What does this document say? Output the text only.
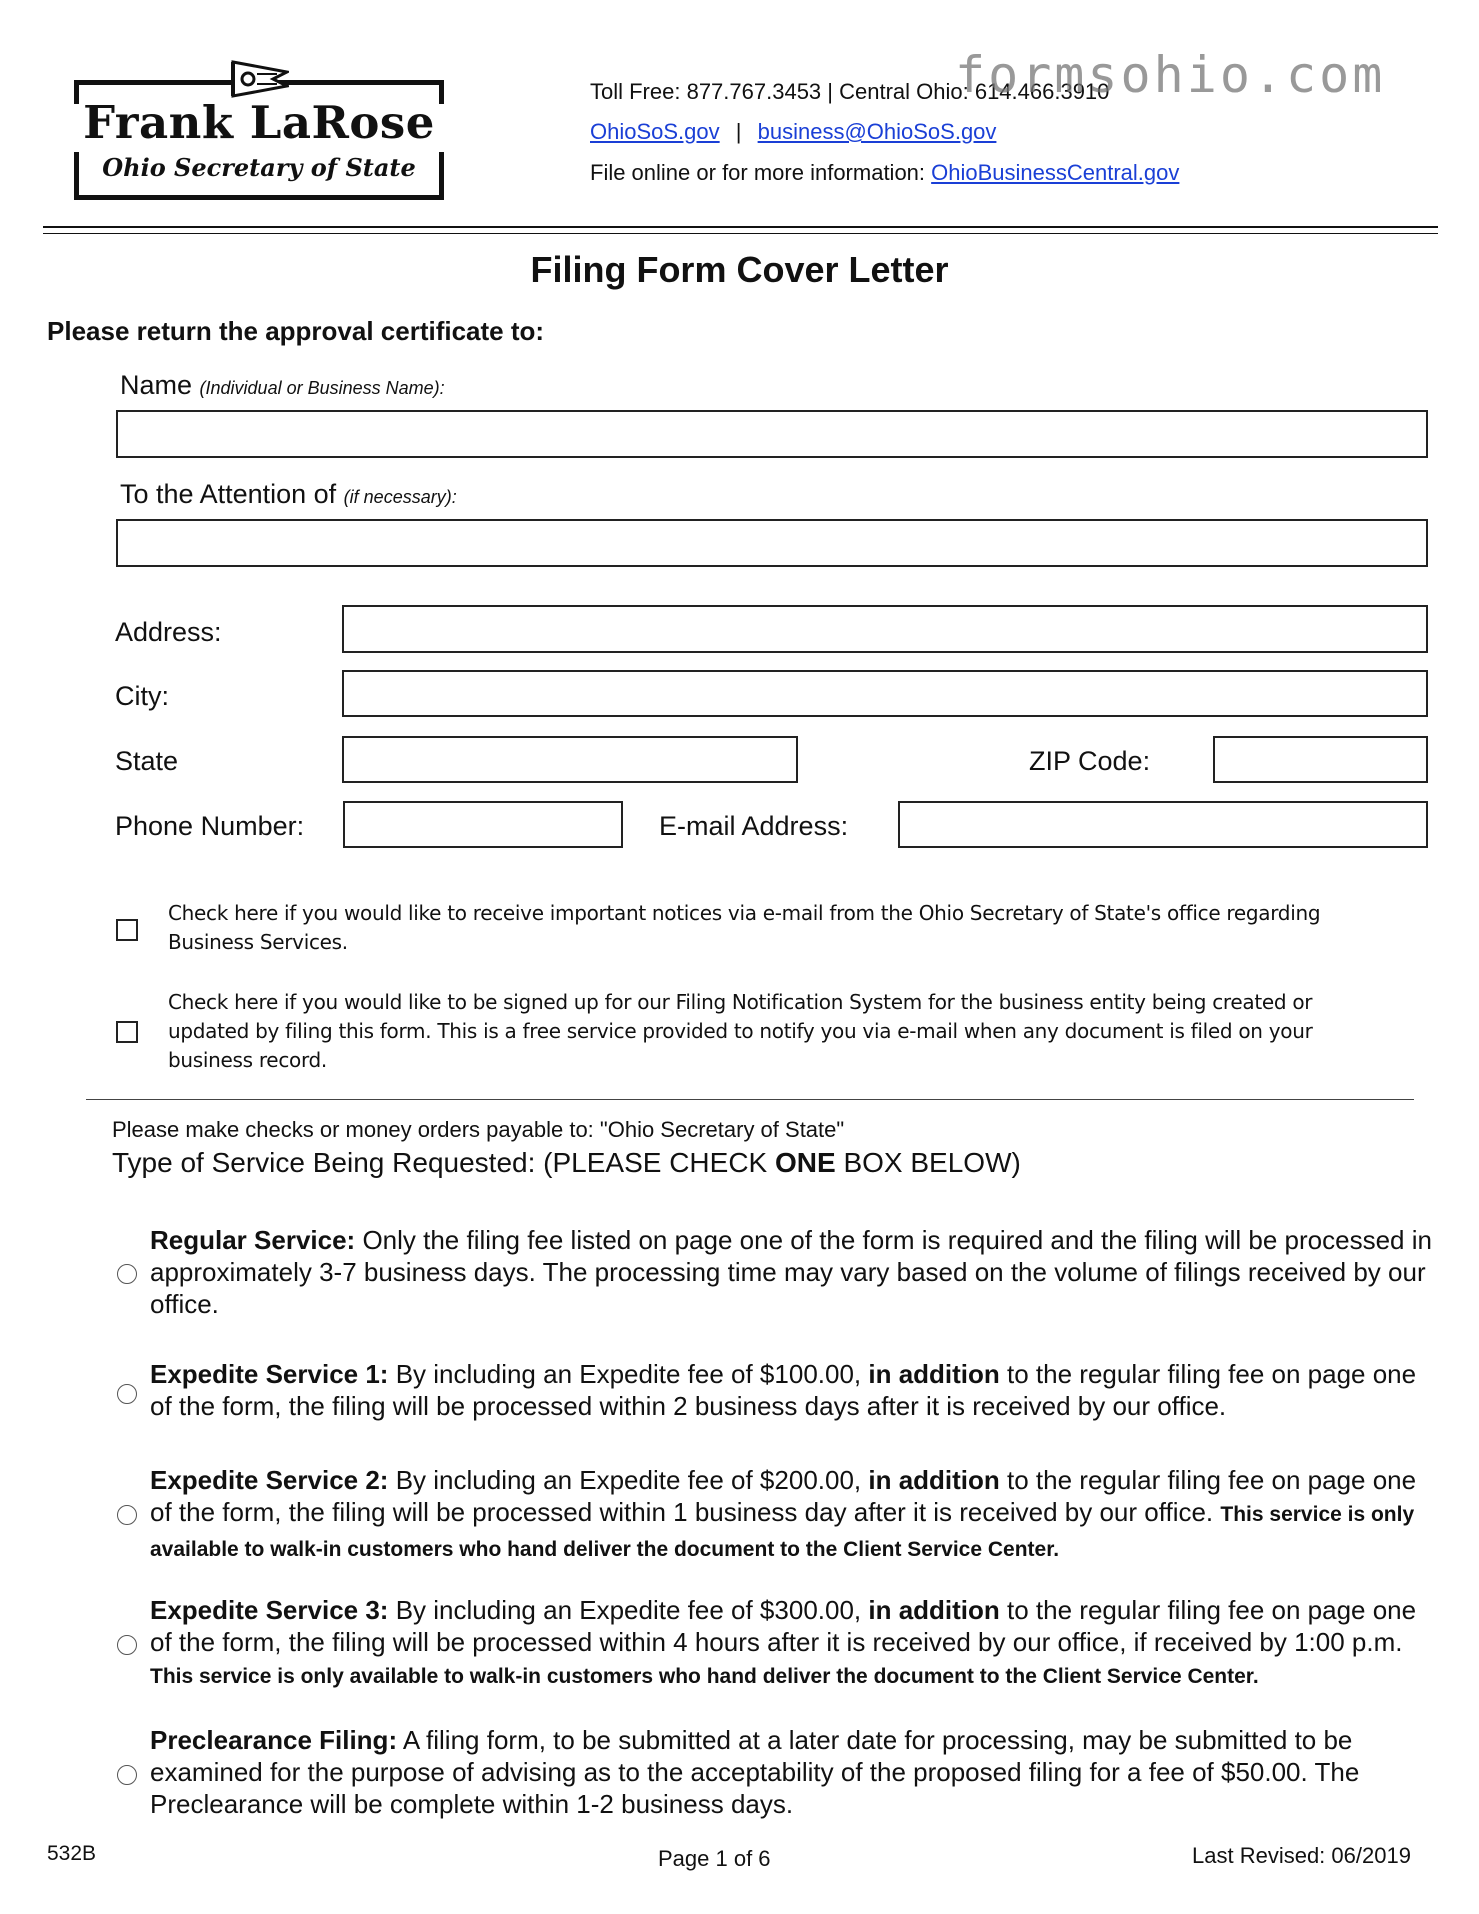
Frank LaRose
Ohio Secretary of State
Toll Free: 877.767.3453 | Central Ohio: 614.466.3910
OhioSoS.gov | business@OhioSoS.gov
File online or for more information: OhioBusinessCentral.gov
formsohio.com
Filing Form Cover Letter
Please return the approval certificate to:
Name (Individual or Business Name):
To the Attention of (if necessary):
Address:
City:
State	ZIP Code:
Phone Number:	E-mail Address:
Check here if you would like to receive important notices via e-mail from the Ohio Secretary of State's office regarding Business Services.
Check here if you would like to be signed up for our Filing Notification System for the business entity being created or updated by filing this form. This is a free service provided to notify you via e-mail when any document is filed on your business record.
Please make checks or money orders payable to: "Ohio Secretary of State"
Type of Service Being Requested: (PLEASE CHECK ONE BOX BELOW)
Regular Service: Only the filing fee listed on page one of the form is required and the filing will be processed in approximately 3-7 business days. The processing time may vary based on the volume of filings received by our office.
Expedite Service 1: By including an Expedite fee of $100.00, in addition to the regular filing fee on page one of the form, the filing will be processed within 2 business days after it is received by our office.
Expedite Service 2: By including an Expedite fee of $200.00, in addition to the regular filing fee on page one of the form, the filing will be processed within 1 business day after it is received by our office. This service is only available to walk-in customers who hand deliver the document to the Client Service Center.
Expedite Service 3: By including an Expedite fee of $300.00, in addition to the regular filing fee on page one of the form, the filing will be processed within 4 hours after it is received by our office, if received by 1:00 p.m. This service is only available to walk-in customers who hand deliver the document to the Client Service Center.
Preclearance Filing: A filing form, to be submitted at a later date for processing, may be submitted to be examined for the purpose of advising as to the acceptability of the proposed filing for a fee of $50.00. The Preclearance will be complete within 1-2 business days.
532B	Page 1 of 6	Last Revised: 06/2019
